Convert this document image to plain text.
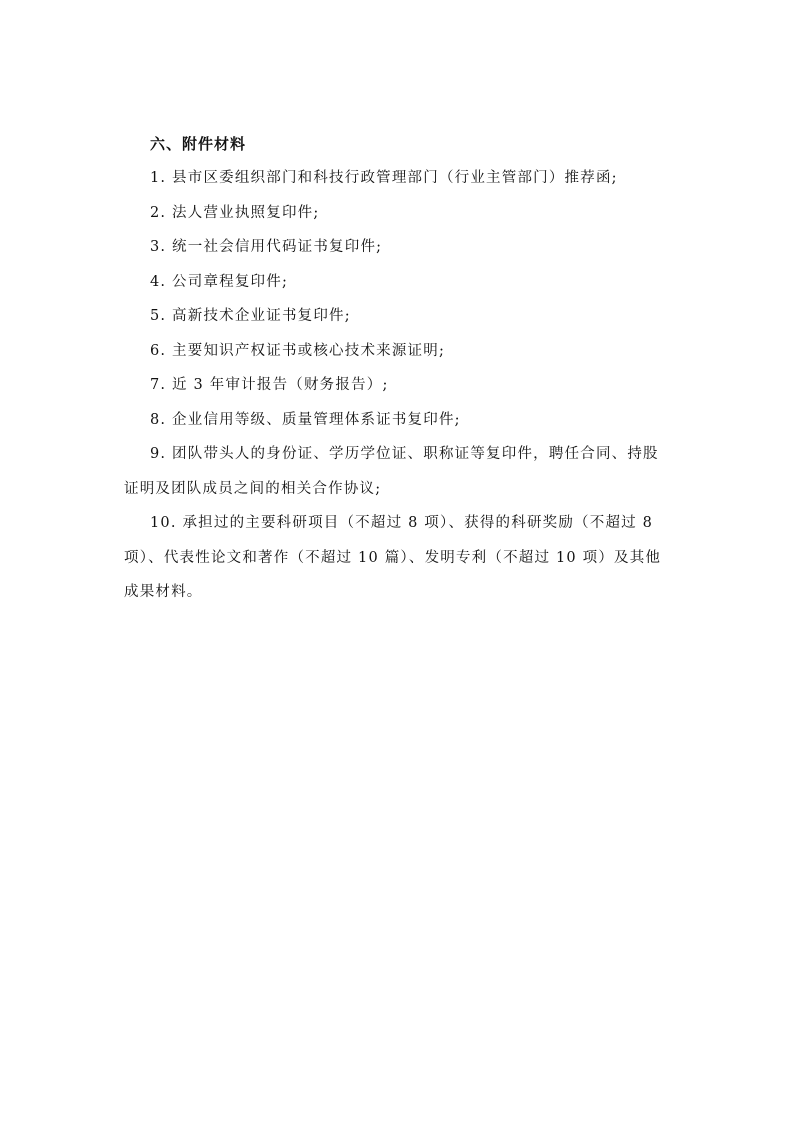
六、附件材料
1. 县市区委组织部门和科技行政管理部门（行业主管部门）推荐函;
2. 法人营业执照复印件;
3. 统一社会信用代码证书复印件;
4. 公司章程复印件;
5. 高新技术企业证书复印件;
6. 主要知识产权证书或核心技术来源证明;
7. 近 3 年审计报告（财务报告）;
8. 企业信用等级、质量管理体系证书复印件;
9. 团队带头人的身份证、学历学位证、职称证等复印件，聘任合同、持股证明及团队成员之间的相关合作协议;
10. 承担过的主要科研项目（不超过 8 项）、获得的科研奖励（不超过 8 项）、代表性论文和著作（不超过 10 篇）、发明专利（不超过 10 项）及其他成果材料。
